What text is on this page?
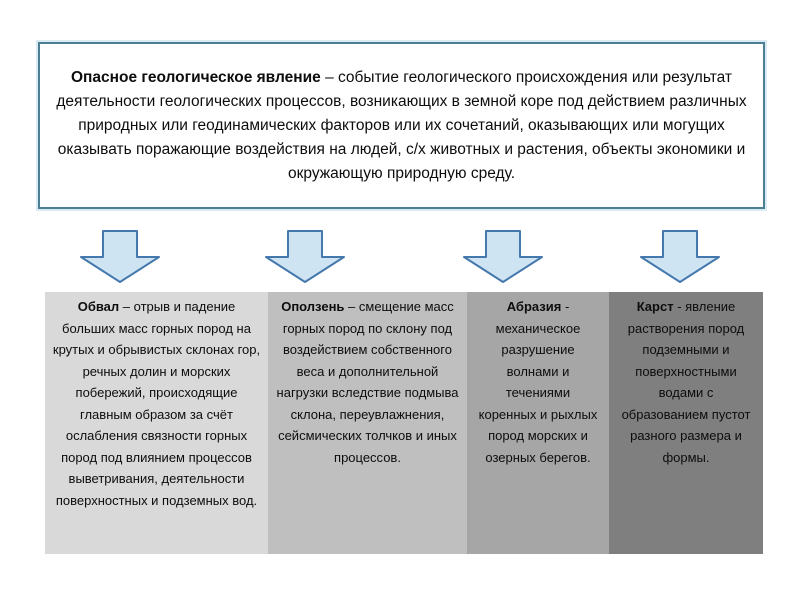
Опасное геологическое явление – событие геологического происхождения или результат деятельности геологических процессов, возникающих в земной коре под действием различных природных или геодинамических факторов или их сочетаний, оказывающих или могущих оказывать поражающие воздействия на людей, с/х животных и растения, объекты экономики и окружающую природную среду.

Обвал – отрыв и падение больших масс горных пород на крутых и обрывистых склонах гор, речных долин и морских побережий, происходящие главным образом за счёт ослабления связности горных пород под влиянием процессов выветривания, деятельности поверхностных и подземных вод.
Оползень – смещение масс горных пород по склону под воздействием собственного веса и дополнительной нагрузки вследствие подмыва склона, переувлажнения, сейсмических толчков и иных процессов.
Абразия - механическое разрушение волнами и течениями коренных и рыхлых пород морских и озерных берегов.
Карст - явление растворения пород подземными и поверхностными водами с образованием пустот разного размера и формы.
